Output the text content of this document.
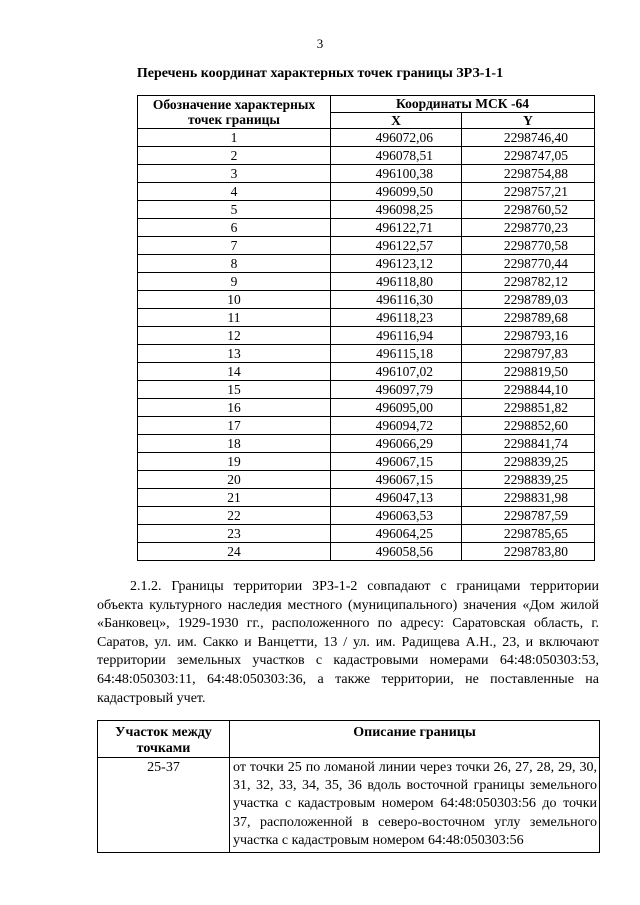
3
Перечень координат характерных точек границы ЗРЗ-1-1
Обозначение характерных точек границы	Координаты МСК -64	
	X	Y
1	496072,06	2298746,40
2	496078,51	2298747,05
3	496100,38	2298754,88
4	496099,50	2298757,21
5	496098,25	2298760,52
6	496122,71	2298770,23
7	496122,57	2298770,58
8	496123,12	2298770,44
9	496118,80	2298782,12
10	496116,30	2298789,03
11	496118,23	2298789,68
12	496116,94	2298793,16
13	496115,18	2298797,83
14	496107,02	2298819,50
15	496097,79	2298844,10
16	496095,00	2298851,82
17	496094,72	2298852,60
18	496066,29	2298841,74
19	496067,15	2298839,25
20	496067,15	2298839,25
21	496047,13	2298831,98
22	496063,53	2298787,59
23	496064,25	2298785,65
24	496058,56	2298783,80
2.1.2. Границы территории ЗРЗ-1-2 совпадают с границами территории объекта культурного наследия местного (муниципального) значения «Дом жилой «Банковец», 1929-1930 гг., расположенного по адресу: Саратовская область, г. Саратов, ул. им. Сакко и Ванцетти, 13 / ул. им. Радищева А.Н., 23, и включают территории земельных участков с кадастровыми номерами 64:48:050303:53, 64:48:050303:11, 64:48:050303:36, а также территории, не поставленные на кадастровый учет.
Участок между точками	Описание границы
25-37	от точки 25 по ломаной линии через точки 26, 27, 28, 29, 30, 31, 32, 33, 34, 35, 36 вдоль восточной границы земельного участка с кадастровым номером 64:48:050303:56 до точки 37, расположенной в северо-восточном углу земельного участка с кадастровым номером 64:48:050303:56
